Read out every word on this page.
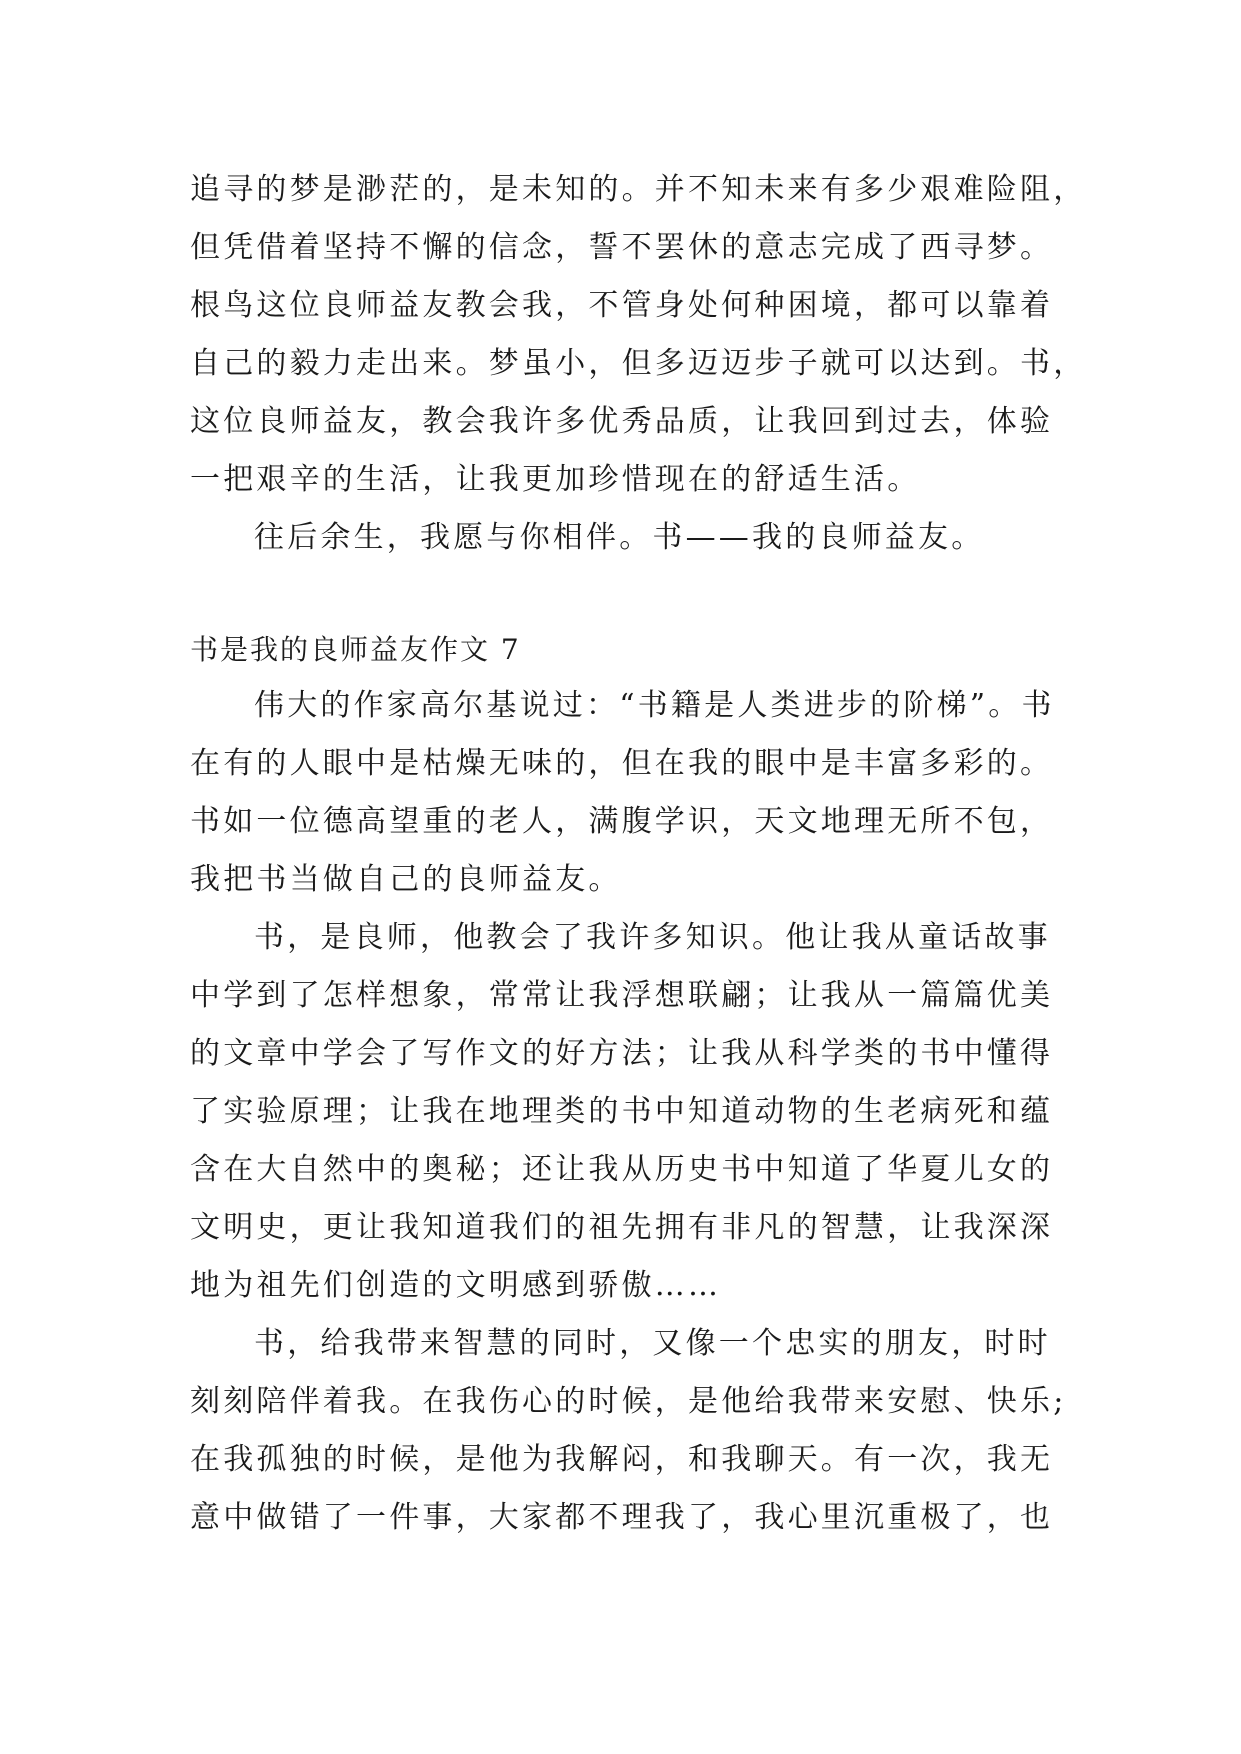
追寻的梦是渺茫的，是未知的。并不知未来有多少艰难险阻，
但凭借着坚持不懈的信念，誓不罢休的意志完成了西寻梦。
根鸟这位良师益友教会我，不管身处何种困境，都可以靠着
自己的毅力走出来。梦虽小，但多迈迈步子就可以达到。书，
这位良师益友，教会我许多优秀品质，让我回到过去，体验
一把艰辛的生活，让我更加珍惜现在的舒适生活。
往后余生，我愿与你相伴。书——我的良师益友。
书是我的良师益友作文 7
伟大的作家高尔基说过：“书籍是人类进步的阶梯”。书
在有的人眼中是枯燥无味的，但在我的眼中是丰富多彩的。
书如一位德高望重的老人，满腹学识，天文地理无所不包，
我把书当做自己的良师益友。
书，是良师，他教会了我许多知识。他让我从童话故事
中学到了怎样想象，常常让我浮想联翩；让我从一篇篇优美
的文章中学会了写作文的好方法；让我从科学类的书中懂得
了实验原理；让我在地理类的书中知道动物的生老病死和蕴
含在大自然中的奥秘；还让我从历史书中知道了华夏儿女的
文明史，更让我知道我们的祖先拥有非凡的智慧，让我深深
地为祖先们创造的文明感到骄傲……
书，给我带来智慧的同时，又像一个忠实的朋友，时时
刻刻陪伴着我。在我伤心的时候，是他给我带来安慰、快乐;
在我孤独的时候，是他为我解闷，和我聊天。有一次，我无
意中做错了一件事，大家都不理我了，我心里沉重极了，也
